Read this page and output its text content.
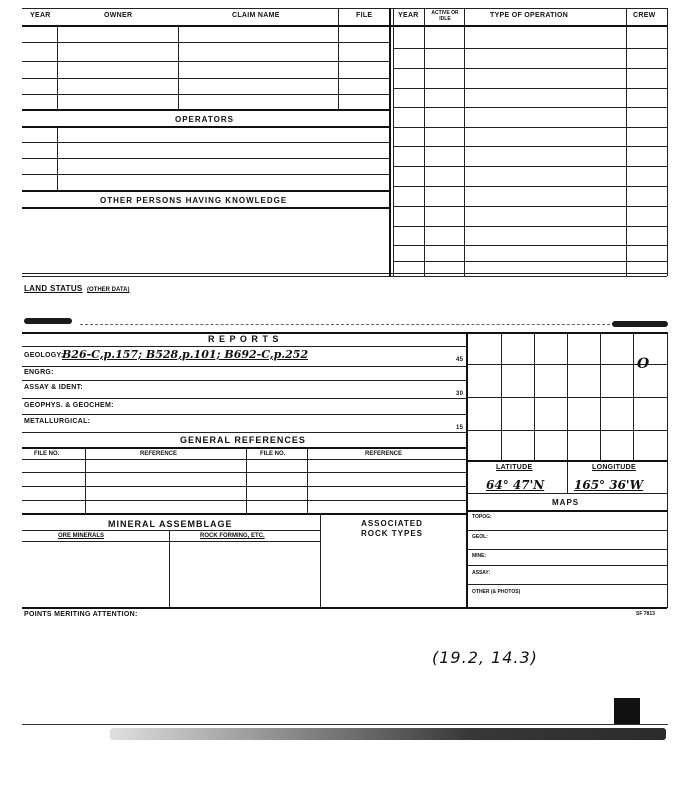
YEAR	OWNER	CLAIM NAME	FILE	YEAR	ACTIVE OR IDLE	TYPE OF OPERATION	CREW
OPERATORS
OTHER PERSONS HAVING KNOWLEDGE
LAND STATUS (OTHER DATA)
R E P O R T S
GEOLOGY:
B26-C,p.157; B528,p.101; B692-C,p.252	45
ENGRG:
ASSAY & IDENT:
30
GEOPHYS. & GEOCHEM:
METALLURGICAL:
15
O
LATITUDE	LONGITUDE
64° 47'N 165° 36'W
MAPS
TOPOG:
GEOL:
MINE:
ASSAY:
OTHER (& PHOTOS)
GENERAL REFERENCES
FILE NO.	REFERENCE	FILE NO.	REFERENCE
MINERAL ASSEMBLAGE	ASSOCIATED ROCK TYPES
ORE MINERALS	ROCK FORMING, ETC.
POINTS MERITING ATTENTION:	SF 7813
(19.2, 14.3)
